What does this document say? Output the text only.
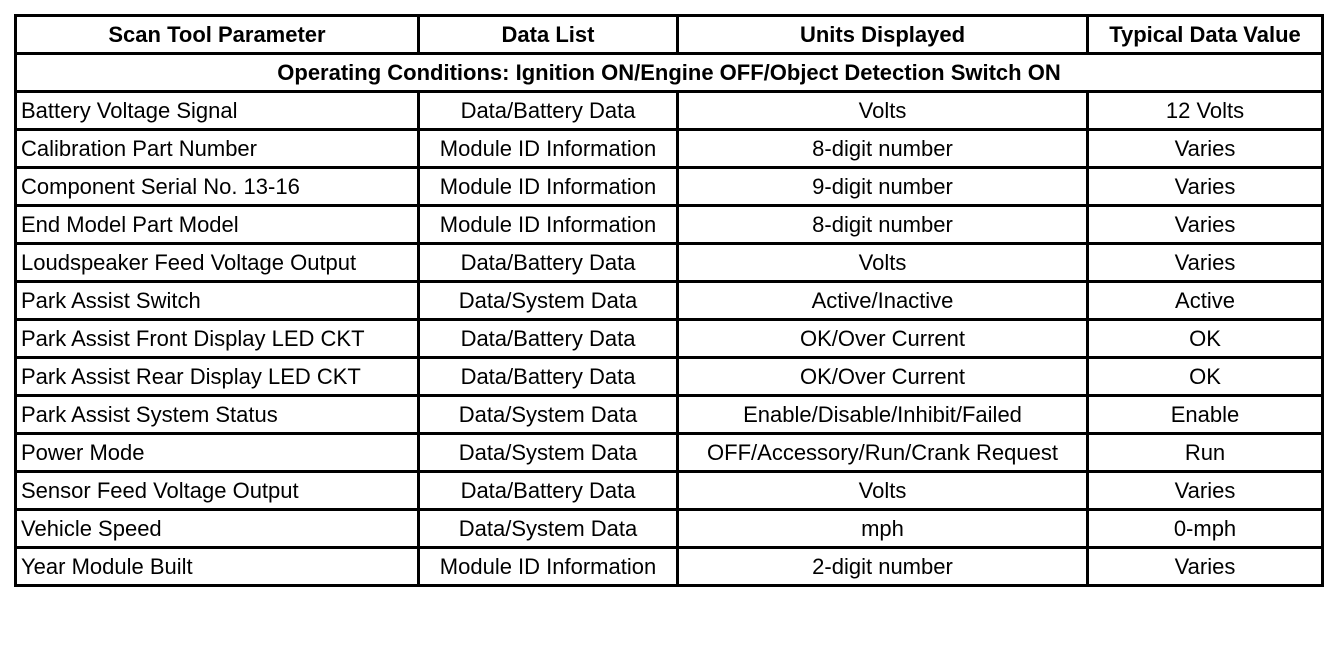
Scan Tool Parameter	Data List	Units Displayed	Typical Data Value
Operating Conditions: Ignition ON/Engine OFF/Object Detection Switch ON			
Battery Voltage Signal	Data/Battery Data	Volts	12 Volts
Calibration Part Number	Module ID Information	8-digit number	Varies
Component Serial No. 13-16	Module ID Information	9-digit number	Varies
End Model Part Model	Module ID Information	8-digit number	Varies
Loudspeaker Feed Voltage Output	Data/Battery Data	Volts	Varies
Park Assist Switch	Data/System Data	Active/Inactive	Active
Park Assist Front Display LED CKT	Data/Battery Data	OK/Over Current	OK
Park Assist Rear Display LED CKT	Data/Battery Data	OK/Over Current	OK
Park Assist System Status	Data/System Data	Enable/Disable/Inhibit/Failed	Enable
Power Mode	Data/System Data	OFF/Accessory/Run/Crank Request	Run
Sensor Feed Voltage Output	Data/Battery Data	Volts	Varies
Vehicle Speed	Data/System Data	mph	0-mph
Year Module Built	Module ID Information	2-digit number	Varies
